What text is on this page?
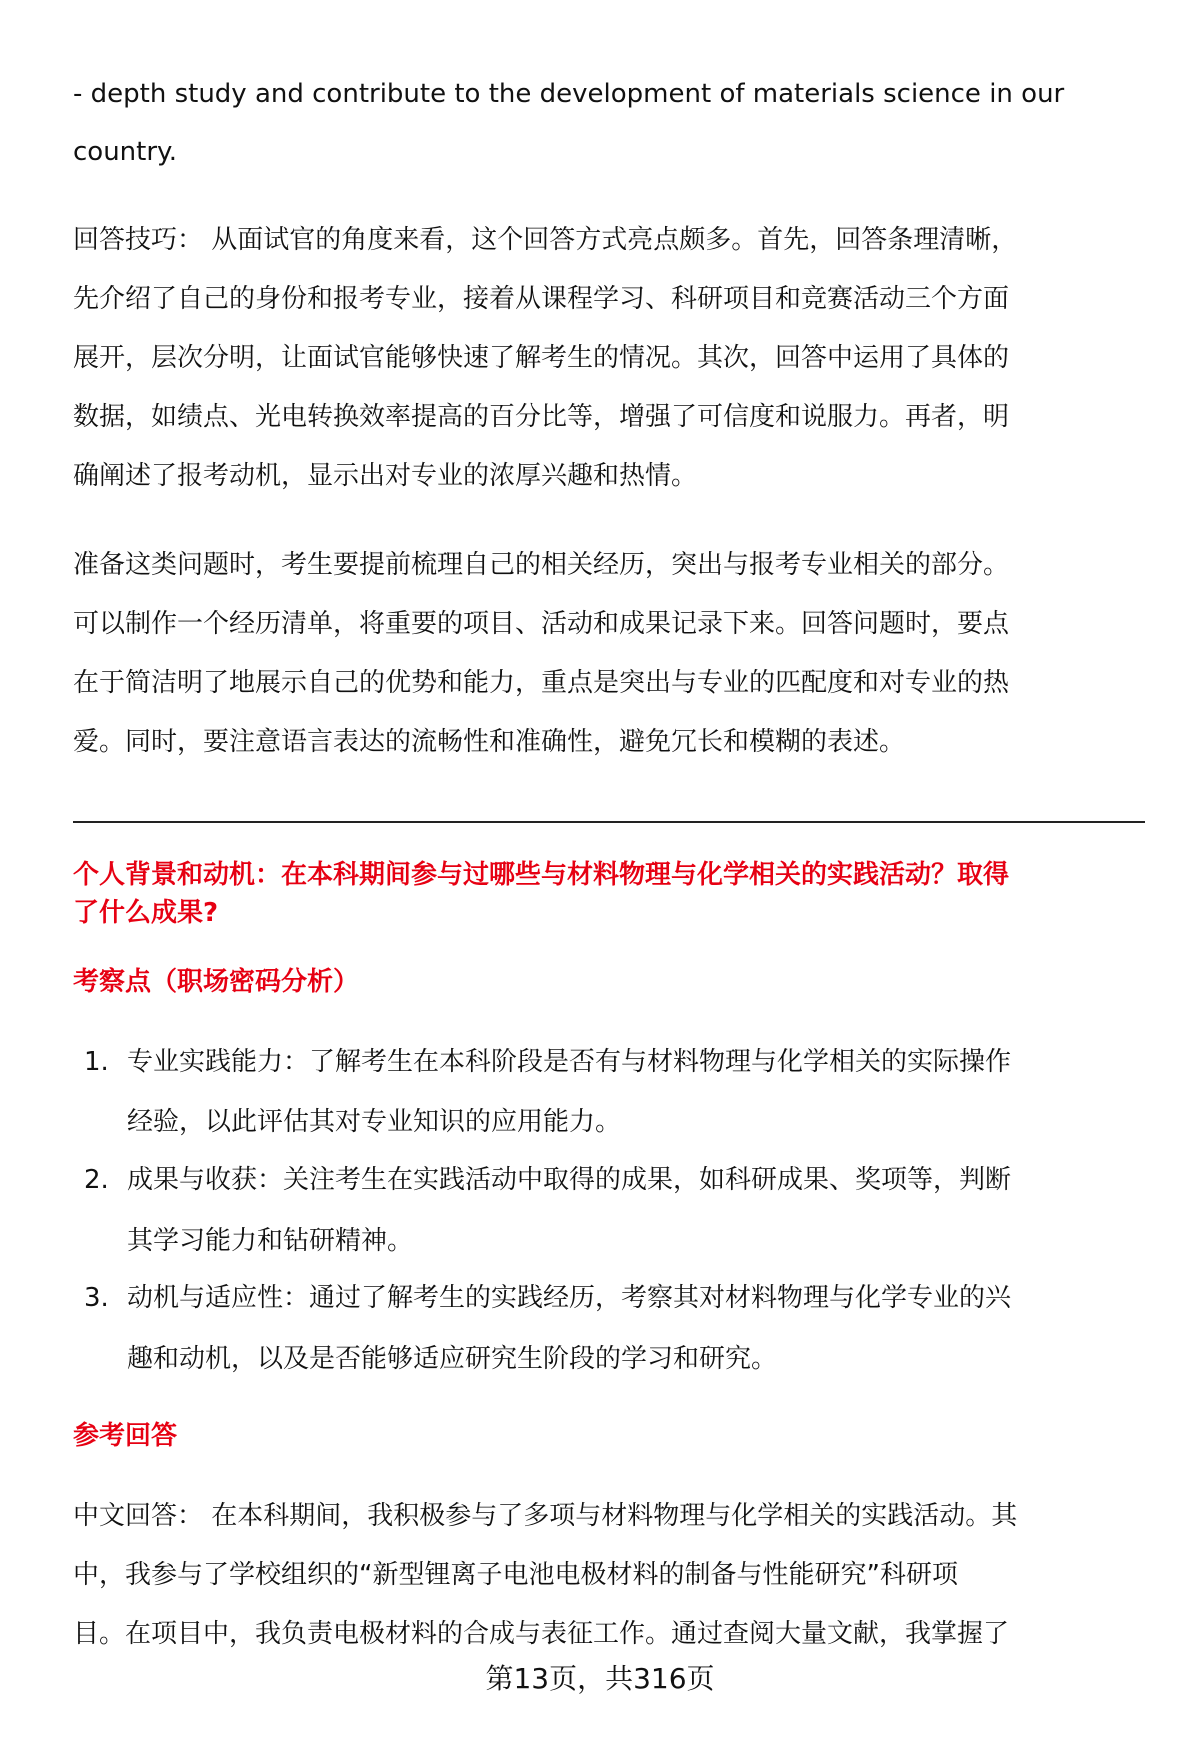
- depth study and contribute to the development of materials science in our
country.
回答技巧： 从面试官的角度来看，这个回答方式亮点颇多。首先，回答条理清晰，
先介绍了自己的身份和报考专业，接着从课程学习、科研项目和竞赛活动三个方面
展开，层次分明，让面试官能够快速了解考生的情况。其次，回答中运用了具体的
数据，如绩点、光电转换效率提高的百分比等，增强了可信度和说服力。再者，明
确阐述了报考动机，显示出对专业的浓厚兴趣和热情。
准备这类问题时，考生要提前梳理自己的相关经历，突出与报考专业相关的部分。
可以制作一个经历清单，将重要的项目、活动和成果记录下来。回答问题时，要点
在于简洁明了地展示自己的优势和能力，重点是突出与专业的匹配度和对专业的热
爱。同时，要注意语言表达的流畅性和准确性，避免冗长和模糊的表述。
个人背景和动机：在本科期间参与过哪些与材料物理与化学相关的实践活动？取得
了什么成果?
考察点（职场密码分析）
1. 专业实践能力：了解考生在本科阶段是否有与材料物理与化学相关的实际操作
经验，以此评估其对专业知识的应用能力。
2. 成果与收获：关注考生在实践活动中取得的成果，如科研成果、奖项等，判断
其学习能力和钻研精神。
3. 动机与适应性：通过了解考生的实践经历，考察其对材料物理与化学专业的兴
趣和动机，以及是否能够适应研究生阶段的学习和研究。
参考回答
中文回答： 在本科期间，我积极参与了多项与材料物理与化学相关的实践活动。其
中，我参与了学校组织的“新型锂离子电池电极材料的制备与性能研究”科研项
目。在项目中，我负责电极材料的合成与表征工作。通过查阅大量文献，我掌握了
第13页，共316页
